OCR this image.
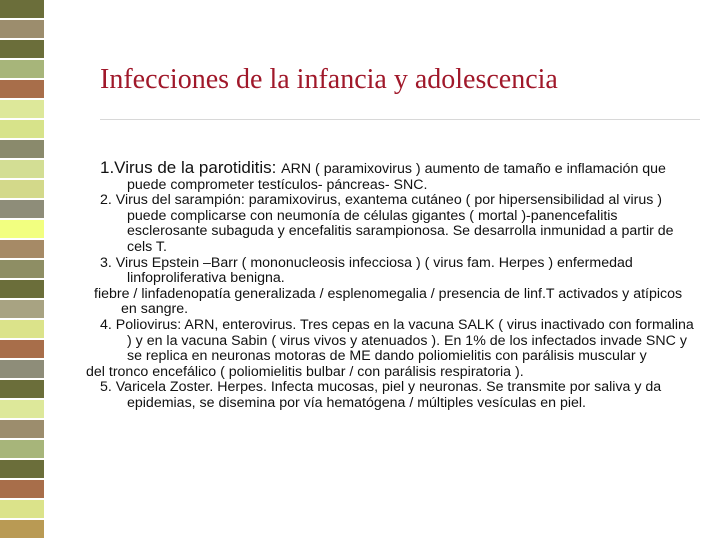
Infecciones de la infancia y adolescencia

1.Virus de la parotiditis: ARN ( paramixovirus ) aumento de tamaño e inflamación que puede comprometer testículos- páncreas- SNC.

2. Virus del sarampión: paramixovirus, exantema cutáneo ( por hipersensibilidad al virus ) puede complicarse con neumonía de células gigantes ( mortal )-panencefalitis esclerosante subaguda y encefalitis sarampionosa. Se desarrolla inmunidad a partir de cels T.

3. Virus Epstein –Barr ( mononucleosis infecciosa ) ( virus fam. Herpes ) enfermedad linfoproliferativa benigna.

fiebre / linfadenopatía generalizada / esplenomegalia / presencia de linf.T activados y atípicos en sangre.

4. Poliovirus: ARN, enterovirus. Tres cepas en la vacuna SALK ( virus inactivado con formalina ) y en la vacuna Sabin ( virus vivos y atenuados ). En 1% de los infectados invade SNC y se replica en neuronas motoras de ME dando poliomielitis con parálisis muscular y

del tronco encefálico ( poliomielitis bulbar / con parálisis respiratoria ).

5. Varicela Zoster. Herpes. Infecta mucosas, piel y neuronas. Se transmite por saliva y da epidemias, se disemina por vía hematógena / múltiples vesículas en piel.
